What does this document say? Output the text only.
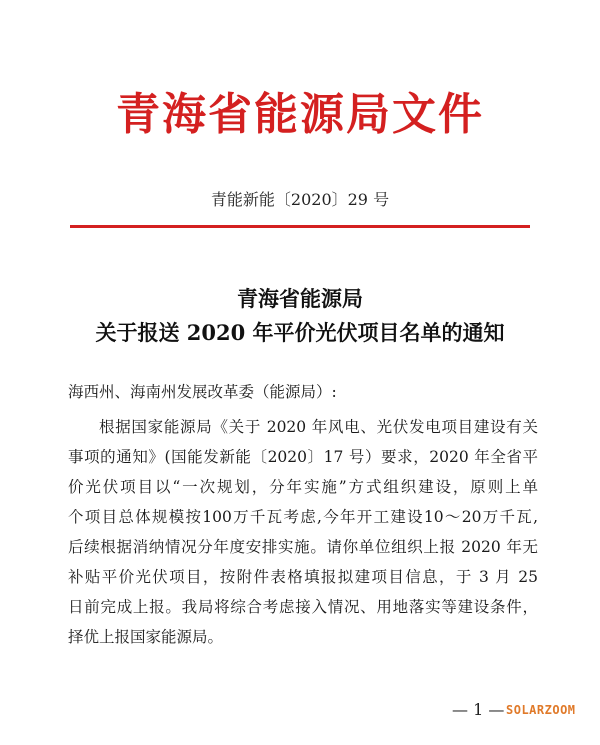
青海省能源局文件
青能新能〔2020〕29 号
青海省能源局
关于报送 2020 年平价光伏项目名单的通知
海西州、海南州发展改革委（能源局）:
根据国家能源局《关于 2020 年风电、光伏发电项目建设有关
事项的通知》(国能发新能〔2020〕17 号）要求，2020 年全省平
价光伏项目以“一次规划，分年实施”方式组织建设，原则上单
个项目总体规模按100万千瓦考虑,今年开工建设10～20万千瓦,
后续根据消纳情况分年度安排实施。请你单位组织上报 2020 年无
补贴平价光伏项目，按附件表格填报拟建项目信息，于 3 月 25
日前完成上报。我局将综合考虑接入情况、用地落实等建设条件，
择优上报国家能源局。
— 1 — SOLARZOOM
